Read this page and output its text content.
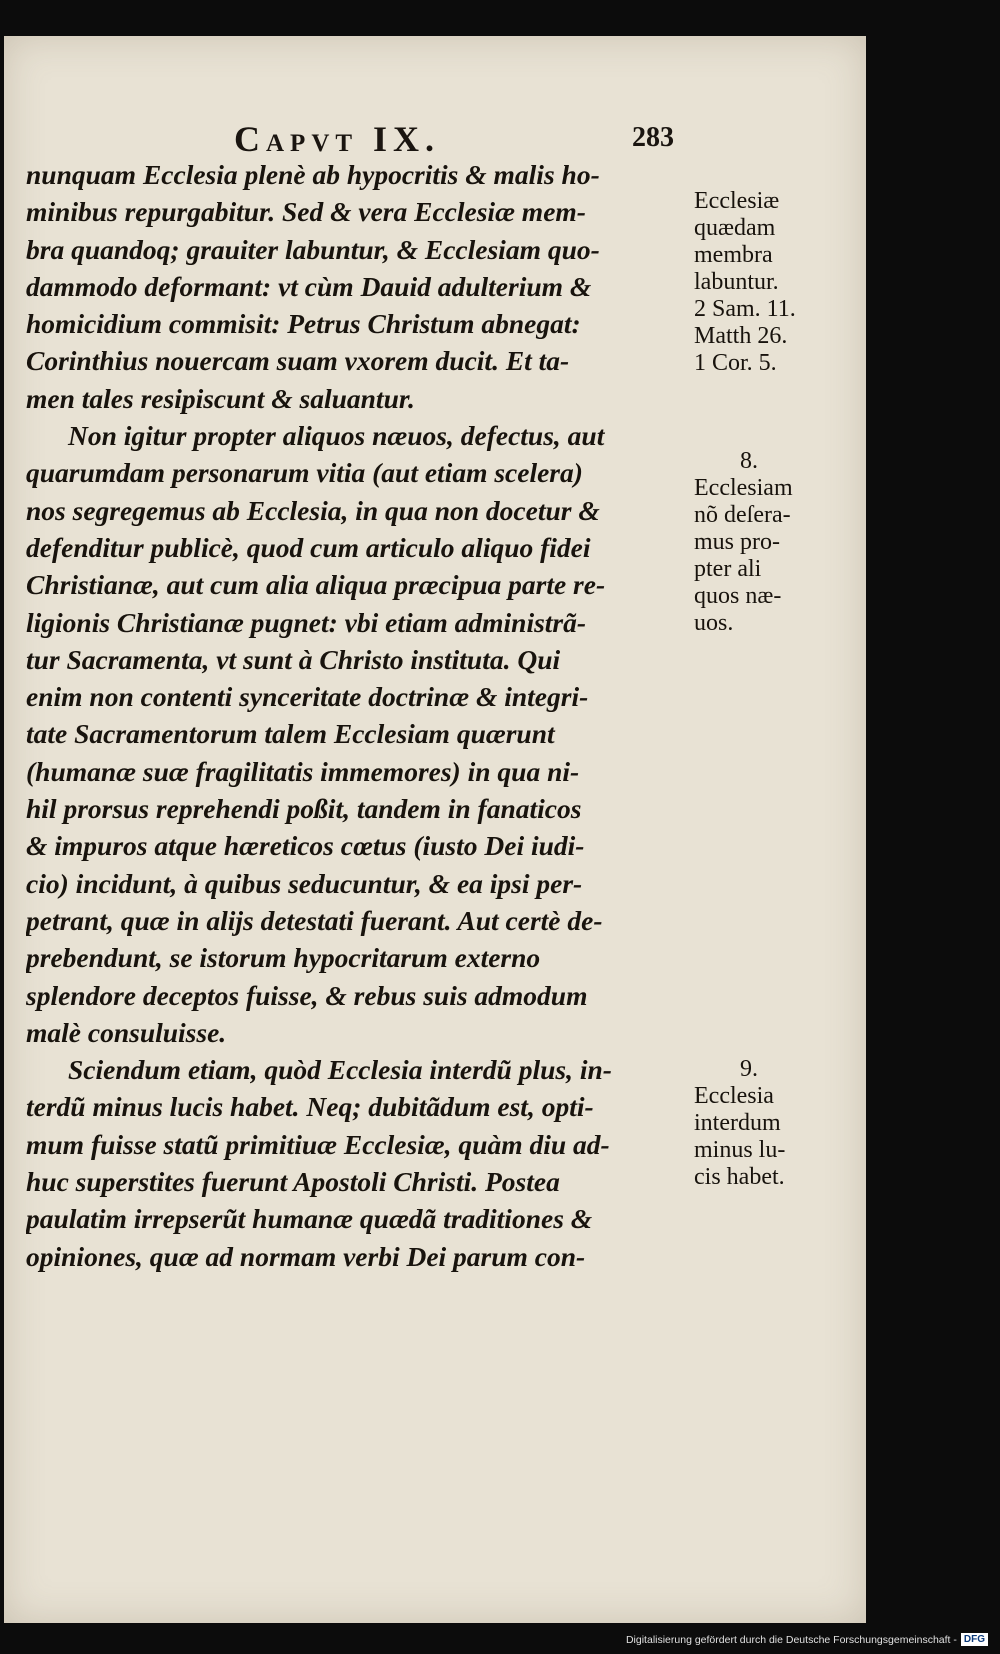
Capvt IX.	283
nunquam Ecclesia plenè ab hypocritis & malis ho-
minibus repurgabitur. Sed & vera Ecclesiæ mem-
bra quandoq; grauiter labuntur, & Ecclesiam quo-
dammodo deformant: vt cùm Dauid adulterium &
homicidium commisit: Petrus Christum abnegat:
Corinthius nouercam suam vxorem ducit. Et ta-
men tales resipiscunt & saluantur.
Non igitur propter aliquos næuos, defectus, aut
quarumdam personarum vitia (aut etiam scelera)
nos segregemus ab Ecclesia, in qua non docetur &
defenditur publicè, quod cum articulo aliquo fidei
Christianæ, aut cum alia aliqua præcipua parte re-
ligionis Christianæ pugnet: vbi etiam administrã-
tur Sacramenta, vt sunt à Christo instituta. Qui
enim non contenti synceritate doctrinæ & integri-
tate Sacramentorum talem Ecclesiam quærunt
(humanæ suæ fragilitatis immemores) in qua ni-
hil prorsus reprehendi poßit, tandem in fanaticos
& impuros atque hæreticos cœtus (iusto Dei iudi-
cio) incidunt, à quibus seducuntur, & ea ipsi per-
petrant, quæ in alijs detestati fuerant. Aut certè de-
prebendunt, se istorum hypocritarum externo
splendore deceptos fuisse, & rebus suis admodum
malè consuluisse.
Sciendum etiam, quòd Ecclesia interdũ plus, in-
terdũ minus lucis habet. Neq; dubitãdum est, opti-
mum fuisse statũ primitiuæ Ecclesiæ, quàm diu ad-
huc superstites fuerunt Apostoli Christi. Postea
paulatim irrepserũt humanæ quædã traditiones &
opiniones, quæ ad normam verbi Dei parum con-
Ecclesiæ
quædam
membra
labuntur.
2 Sam. 11.
Matth 26.
1 Cor. 5.
8.
Ecclesiam
nõ deſera-
mus pro-
pter ali
quos næ-
uos.
9.
Ecclesia
interdum
minus lu-
cis habet.
Digitalisierung gefördert durch die Deutsche Forschungsgemeinschaft - DFG
